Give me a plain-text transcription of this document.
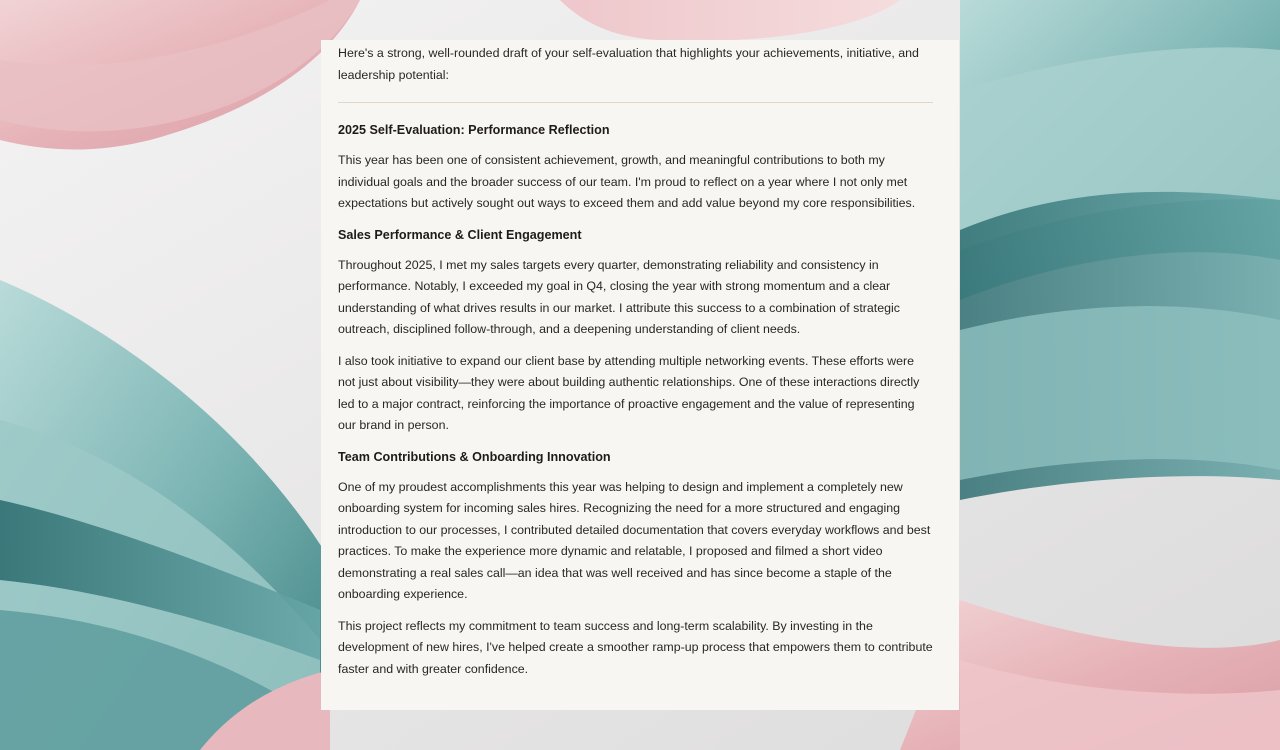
Here's a strong, well-rounded draft of your self-evaluation that highlights your achievements, initiative, and leadership potential:

2025 Self-Evaluation: Performance Reflection

This year has been one of consistent achievement, growth, and meaningful contributions to both my individual goals and the broader success of our team. I'm proud to reflect on a year where I not only met expectations but actively sought out ways to exceed them and add value beyond my core responsibilities.

Sales Performance & Client Engagement

Throughout 2025, I met my sales targets every quarter, demonstrating reliability and consistency in performance. Notably, I exceeded my goal in Q4, closing the year with strong momentum and a clear understanding of what drives results in our market. I attribute this success to a combination of strategic outreach, disciplined follow-through, and a deepening understanding of client needs.

I also took initiative to expand our client base by attending multiple networking events. These efforts were not just about visibility—they were about building authentic relationships. One of these interactions directly led to a major contract, reinforcing the importance of proactive engagement and the value of representing our brand in person.

Team Contributions & Onboarding Innovation

One of my proudest accomplishments this year was helping to design and implement a completely new onboarding system for incoming sales hires. Recognizing the need for a more structured and engaging introduction to our processes, I contributed detailed documentation that covers everyday workflows and best practices. To make the experience more dynamic and relatable, I proposed and filmed a short video demonstrating a real sales call—an idea that was well received and has since become a staple of the onboarding experience.

This project reflects my commitment to team success and long-term scalability. By investing in the development of new hires, I've helped create a smoother ramp-up process that empowers them to contribute faster and with greater confidence.
